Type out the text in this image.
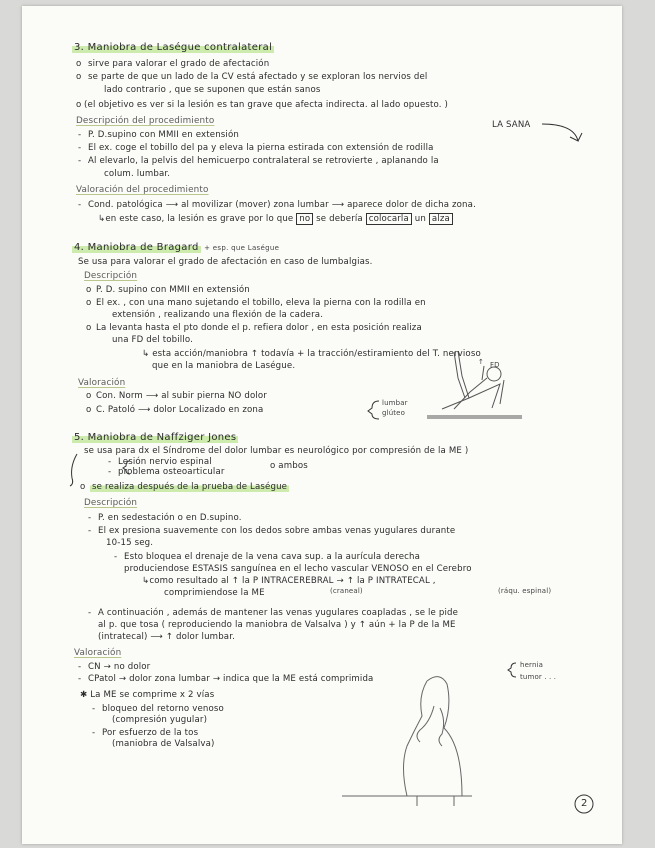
3. Maniobra de Laségue contralateral
o sirve para valorar el grado de afectación
o se parte de que un lado de la CV está afectado y se exploran los nervios del
lado contrario , que se suponen que están sanos
o (el objetivo es ver si la lesión es tan grave que afecta indirecta. al lado opuesto. )
Descripción del procedimiento	LA SANA
- P. D.supino con MMII en extensión
- El ex. coge el tobillo del pa y eleva la pierna estirada con extensión de rodilla
- Al elevarlo, la pelvis del hemicuerpo contralateral se retrovierte , aplanando la
colum. lumbar.
Valoración del procedimiento
- Cond. patológica ⟶ al movilizar (mover) zona lumbar ⟶ aparece dolor de dicha zona.
↳en este caso, la lesión es grave por lo que no se debería colocarla un alza
4. Maniobra de Bragard + esp. que Laségue
Se usa para valorar el grado de afectación en caso de lumbalgias.
Descripción
o P. D. supino con MMII en extensión
o El ex. , con una mano sujetando el tobillo, eleva la pierna con la rodilla en
extensión , realizando una flexión de la cadera.
o La levanta hasta el pto donde el p. refiera dolor , en esta posición realiza
una FD del tobillo.
↳ esta acción/maniobra ↑ todavía + la tracción/estiramiento del T. nervioso
que en la maniobra de Laségue.	↑ FD
Valoración
o Con. Norm ⟶ al subir pierna NO dolor
o C. Patoló ⟶ dolor Localizado en zona
lumbar
glúteo
5. Maniobra de Naffziger Jones
se usa para dx el Síndrome del dolor lumbar es neurológico por compresión de la ME )
- Lesión nervio espinal
- problema osteoarticular
o ambos
o se realiza después de la prueba de Laségue
Descripción
- P. en sedestación o en D.supino.
- El ex presiona suavemente con los dedos sobre ambas venas yugulares durante
10-15 seg.
- Esto bloquea el drenaje de la vena cava sup. a la aurícula derecha
produciendose ESTASIS sanguínea en el lecho vascular VENOSO en el Cerebro
↳como resultado al ↑ la P INTRACEREBRAL → ↑ la P INTRATECAL ,
comprimiendose la ME	(craneal)	(ráqu. espinal)
- A continuación , además de mantener las venas yugulares coapladas , se le pide
al p. que tosa ( reproduciendo la maniobra de Valsalva ) y ↑ aún + la P de la ME
(intratecal) ⟶ ↑ dolor lumbar.
Valoración
- CN → no dolor
- CPatol → dolor zona lumbar → indica que la ME está comprimida
hernia
tumor . . .
✱ La ME se comprime x 2 vías
- bloqueo del retorno venoso
(compresión yugular)
- Por esfuerzo de la tos
(maniobra de Valsalva)
2
